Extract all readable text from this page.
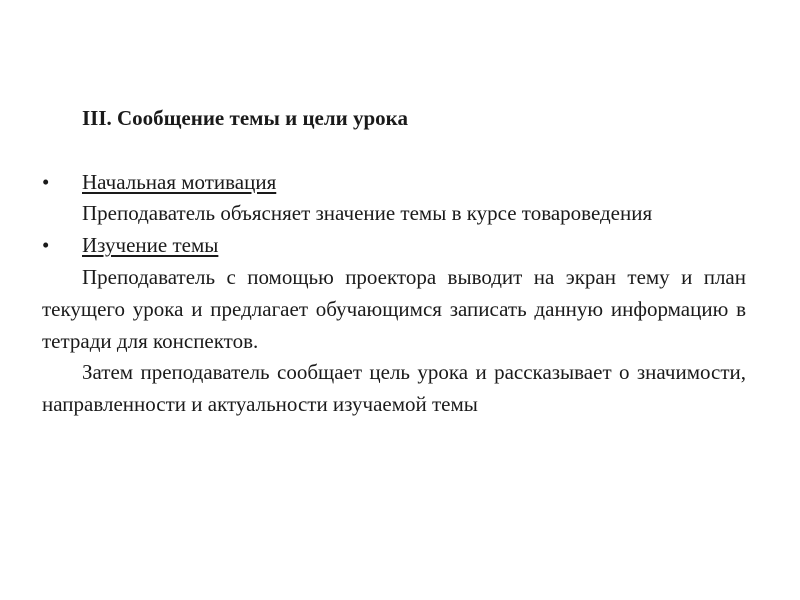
III. Сообщение темы и цели урока

• Начальная мотивация

Преподаватель объясняет значение темы в курсе товароведения

• Изучение темы

Преподаватель с помощью проектора выводит на экран тему и план текущего урока и предлагает обучающимся записать данную информацию в тетради для конспектов.

Затем преподаватель сообщает цель урока и рассказывает о значимости, направленности и актуальности изучаемой темы
